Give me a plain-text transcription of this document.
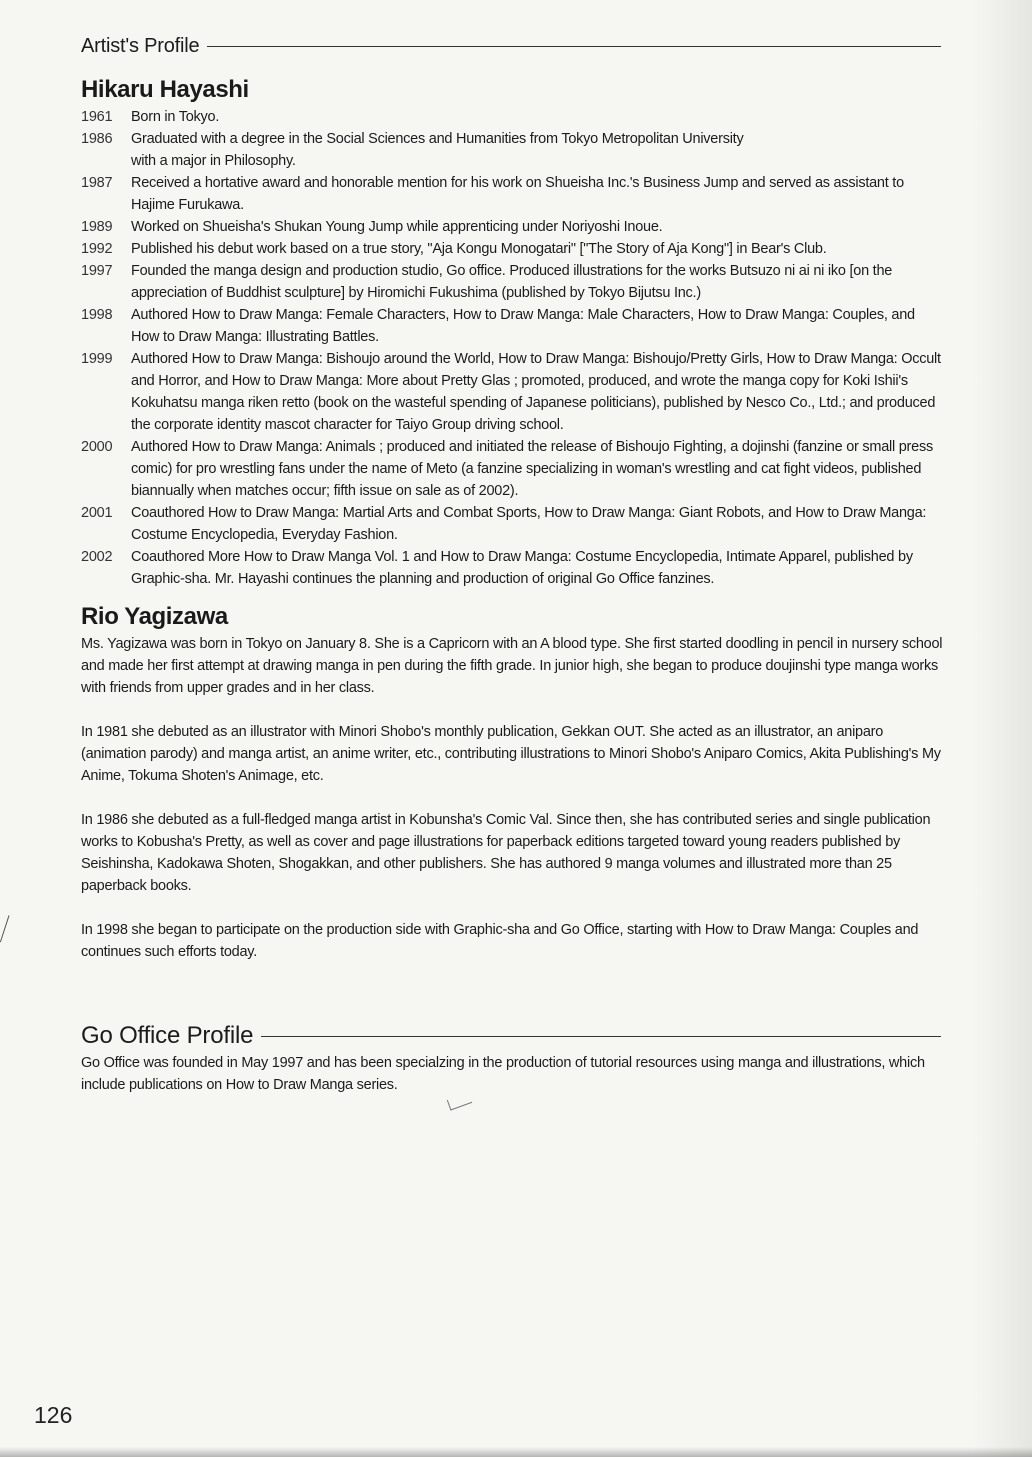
Artist's Profile
Hikaru Hayashi
1961	Born in Tokyo.
1986	Graduated with a degree in the Social Sciences and Humanities from Tokyo Metropolitan University
with a major in Philosophy.
1987	Received a hortative award and honorable mention for his work on Shueisha Inc.'s Business Jump and served as assistant to Hajime Furukawa.
1989	Worked on Shueisha's Shukan Young Jump while apprenticing under Noriyoshi Inoue.
1992	Published his debut work based on a true story, "Aja Kongu Monogatari" ["The Story of Aja Kong"] in Bear's Club.
1997	Founded the manga design and production studio, Go office. Produced illustrations for the works Butsuzo ni ai ni iko [on the appreciation of Buddhist sculpture] by Hiromichi Fukushima (published by Tokyo Bijutsu Inc.)
1998	Authored How to Draw Manga: Female Characters, How to Draw Manga: Male Characters, How to Draw Manga: Couples, and How to Draw Manga: Illustrating Battles.
1999	Authored How to Draw Manga: Bishoujo around the World, How to Draw Manga: Bishoujo/Pretty Girls, How to Draw Manga: Occult and Horror, and How to Draw Manga: More about Pretty Glas ; promoted, produced, and wrote the manga copy for Koki Ishii's Kokuhatsu manga riken retto (book on the wasteful spending of Japanese politicians), published by Nesco Co., Ltd.; and produced the corporate identity mascot character for Taiyo Group driving school.
2000	Authored How to Draw Manga: Animals ; produced and initiated the release of Bishoujo Fighting, a dojinshi (fanzine or small press comic) for pro wrestling fans under the name of Meto (a fanzine specializing in woman's wrestling and cat fight videos, published biannually when matches occur; fifth issue on sale as of 2002).
2001	Coauthored How to Draw Manga: Martial Arts and Combat Sports, How to Draw Manga: Giant Robots, and How to Draw Manga: Costume Encyclopedia, Everyday Fashion.
2002	Coauthored More How to Draw Manga Vol. 1 and How to Draw Manga: Costume Encyclopedia, Intimate Apparel, published by Graphic-sha. Mr. Hayashi continues the planning and production of original Go Office fanzines.
Rio Yagizawa

Ms. Yagizawa was born in Tokyo on January 8. She is a Capricorn with an A blood type. She first started doodling in pencil in nursery school and made her first attempt at drawing manga in pen during the fifth grade. In junior high, she began to produce doujinshi type manga works with friends from upper grades and in her class.

In 1981 she debuted as an illustrator with Minori Shobo's monthly publication, Gekkan OUT. She acted as an illustrator, an aniparo (animation parody) and manga artist, an anime writer, etc., contributing illustrations to Minori Shobo's Aniparo Comics, Akita Publishing's My Anime, Tokuma Shoten's Animage, etc.

In 1986 she debuted as a full-fledged manga artist in Kobunsha's Comic Val. Since then, she has contributed series and single publication works to Kobusha's Pretty, as well as cover and page illustrations for paperback editions targeted toward young readers published by Seishinsha, Kadokawa Shoten, Shogakkan, and other publishers. She has authored 9 manga volumes and illustrated more than 25 paperback books.

In 1998 she began to participate on the production side with Graphic-sha and Go Office, starting with How to Draw Manga: Couples and continues such efforts today.

Go Office Profile

Go Office was founded in May 1997 and has been specialzing in the production of tutorial resources using manga and illustrations, which include publications on How to Draw Manga series.

126
